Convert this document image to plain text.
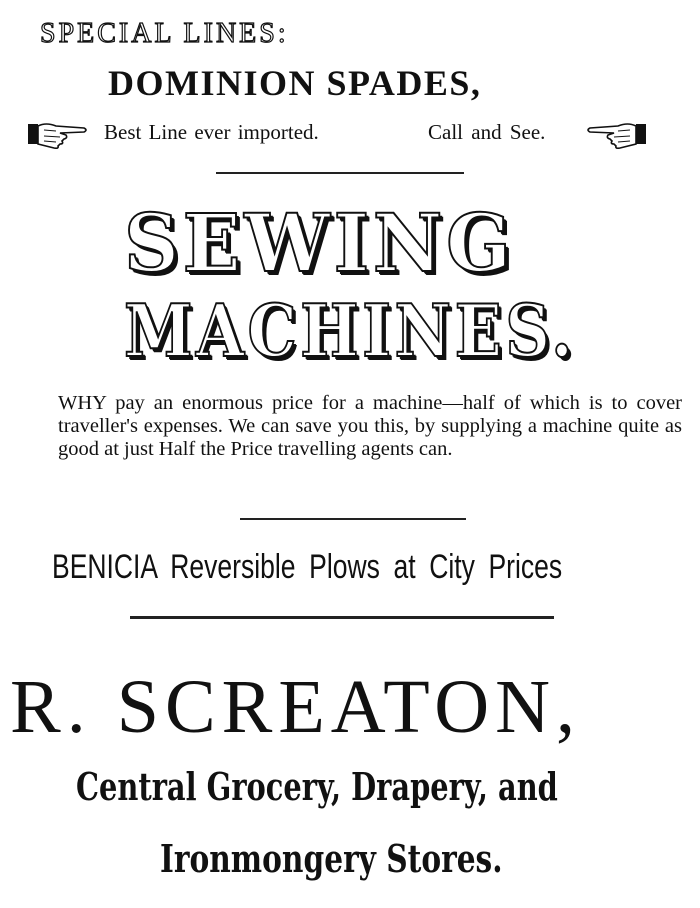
SPECIAL LINES:
DOMINION SPADES,
Best Line ever imported.	Call and See.
SEWING
MACHINES.
WHY pay an enormous price for a machine—half of which is to cover traveller's expenses. We can save you this, by supplying a machine quite as good at just Half the Price travelling agents can.
BENICIA Reversible Plows at City Prices
R. SCREATON,
Central Grocery, Drapery, and
Ironmongery Stores.
